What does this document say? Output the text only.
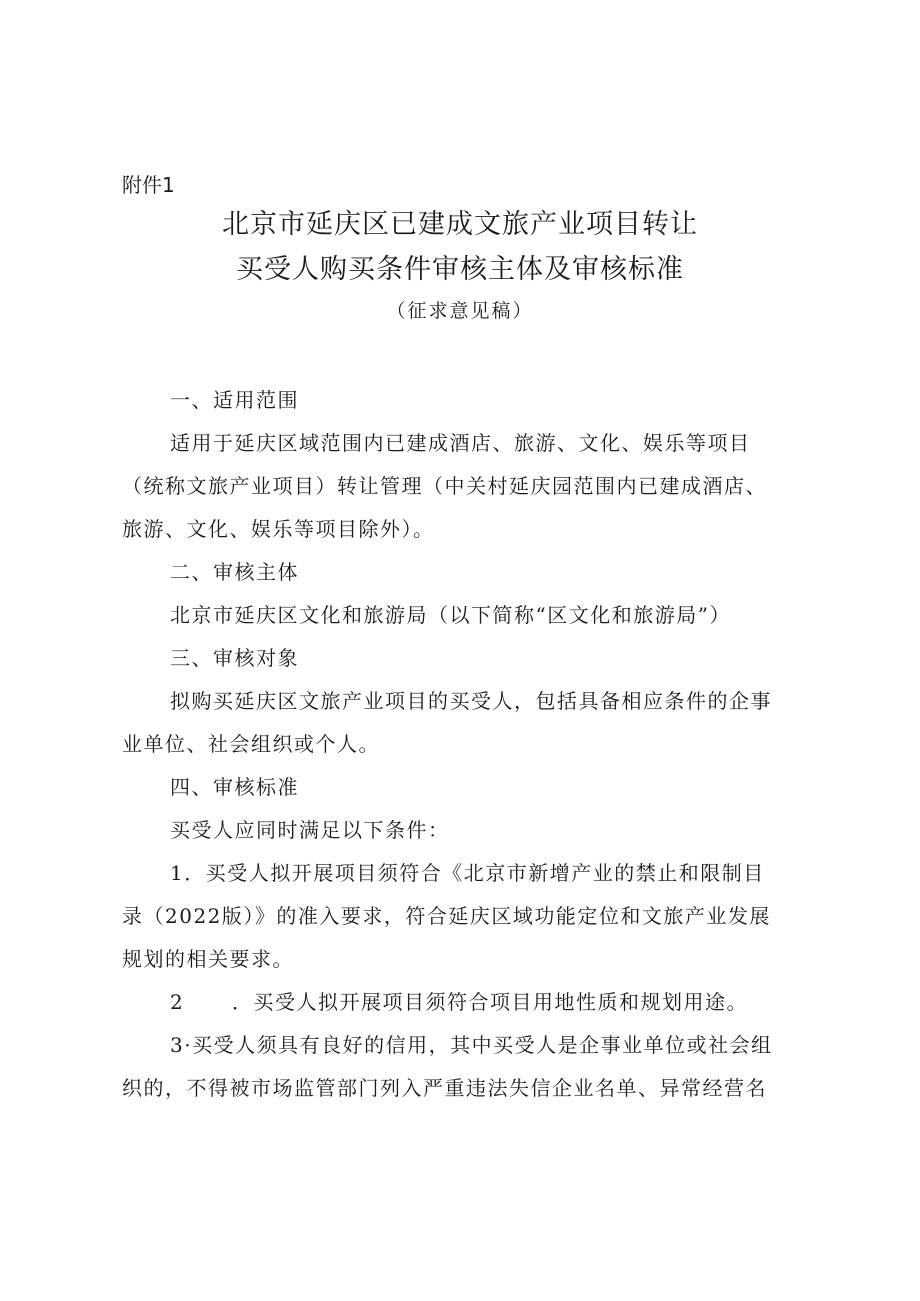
附件1
北京市延庆区已建成文旅产业项目转让
买受人购买条件审核主体及审核标准
（征求意见稿）
一、适用范围
适用于延庆区域范围内已建成酒店、旅游、文化、娱乐等项目
（统称文旅产业项目）转让管理（中关村延庆园范围内已建成酒店、
旅游、文化、娱乐等项目除外）。
二、审核主体
北京市延庆区文化和旅游局（以下简称“区文化和旅游局”）
三、审核对象
拟购买延庆区文旅产业项目的买受人，包括具备相应条件的企事
业单位、社会组织或个人。
四、审核标准
买受人应同时满足以下条件：
1．买受人拟开展项目须符合《北京市新增产业的禁止和限制目
录（2022版）》的准入要求，符合延庆区域功能定位和文旅产业发展
规划的相关要求。
2	．买受人拟开展项目须符合项目用地性质和规划用途。
3·买受人须具有良好的信用，其中买受人是企事业单位或社会组
织的，不得被市场监管部门列入严重违法失信企业名单、异常经营名
